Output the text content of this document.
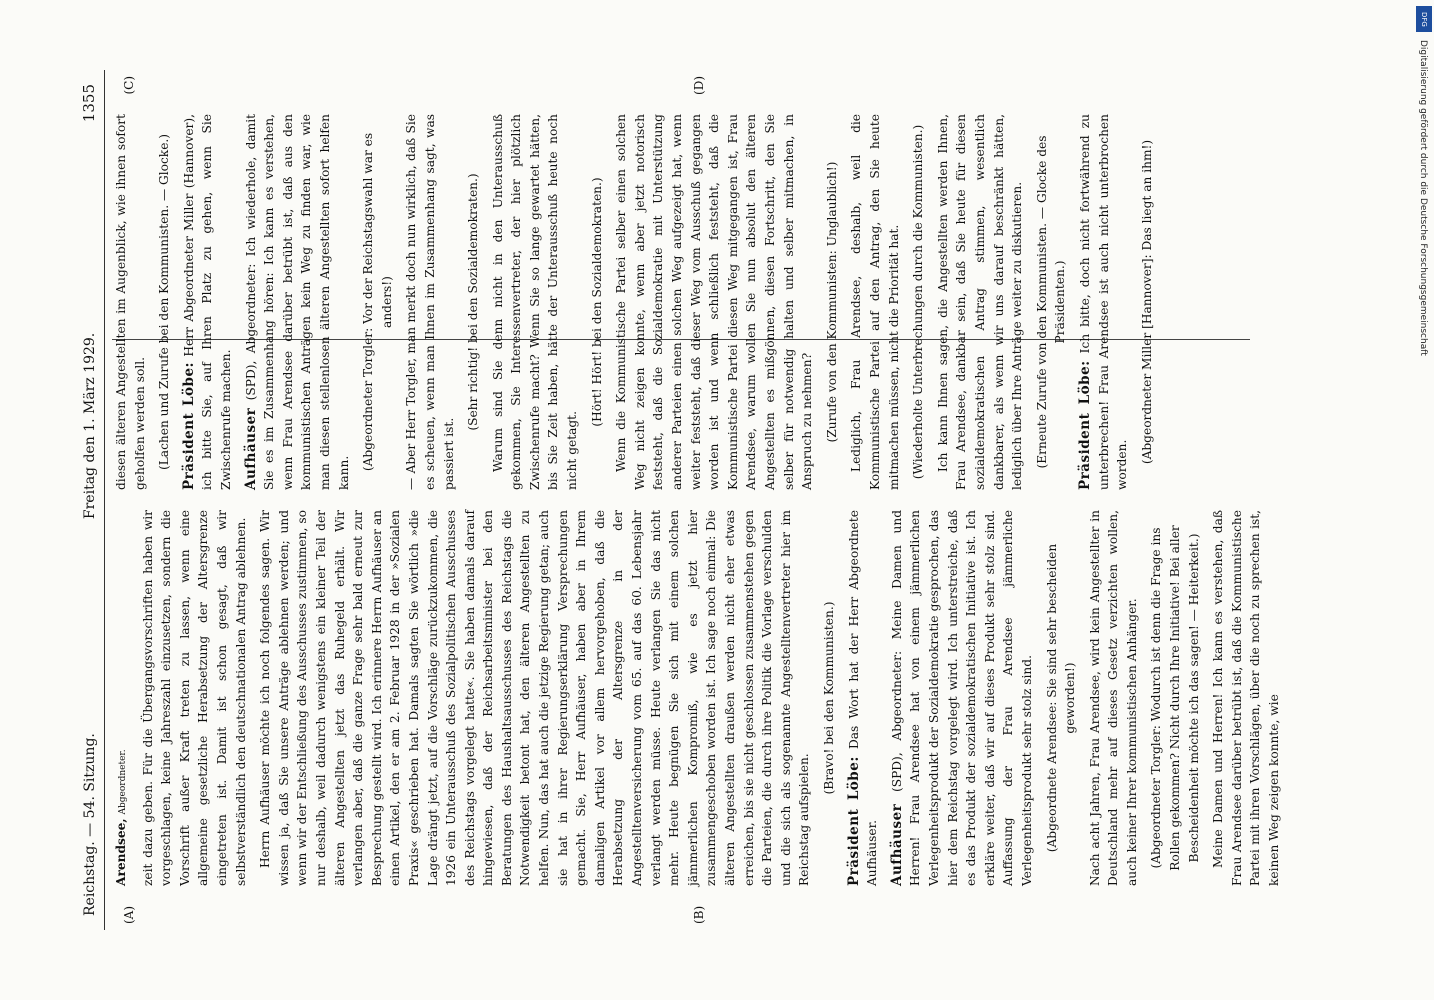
Reichstag. — 54. Sitzung.
Freitag den 1. März 1929.
1355
(A)	(B)
(C)	(D)

Arendsee, Abgeordneter.	zeit dazu geben. Für die Übergangsvorschriften haben wir vorgeschlagen, keine Jahreszahl einzusetzen, sondern die Vorschrift außer Kraft treten zu lassen, wenn eine allgemeine gesetzliche Herabsetzung der Altersgrenze eingetreten ist. Damit ist schon gesagt, daß wir selbstverständlich den deutschnationalen Antrag ablehnen. Herrn Aufhäuser möchte ich noch folgendes sagen. Wir wissen ja, daß Sie unsere Anträge ablehnen werden; und wenn wir der Entschließung des Ausschusses zustimmen, so nur deshalb, weil dadurch wenigstens ein kleiner Teil der älteren Angestellten jetzt das Ruhegeld erhält. Wir verlangen aber, daß die ganze Frage sehr bald erneut zur Besprechung gestellt wird. Ich erinnere Herrn Aufhäuser an einen Artikel, den er am 2. Februar 1928 in der »Sozialen Praxis« geschrieben hat. Damals sagten Sie wörtlich »die Lage drängt jetzt, auf die Vorschläge zurückzukommen, die 1926 ein Unterausschuß des Sozialpolitischen Ausschusses des Reichstags vorgelegt hatte«. Sie haben damals darauf hingewiesen, daß der Reichsarbeitsminister bei den Beratungen des Haushaltsausschusses des Reichstags die Notwendigkeit betont hat, den älteren Angestellten zu helfen. Nun, das hat auch die jetzige Regierung getan; auch sie hat in ihrer Regierungserklärung Versprechungen gemacht. Sie, Herr Aufhäuser, haben aber in Ihrem damaligen Artikel vor allem hervorgehoben, daß die Herabsetzung der Altersgrenze in der Angestelltenversicherung vom 65. auf das 60. Lebensjahr verlangt werden müsse. Heute verlangen Sie das nicht mehr. Heute begnügen Sie sich mit einem solchen jämmerlichen Kompromiß, wie es jetzt hier zusammengeschoben worden ist. Ich sage noch einmal: Die älteren Angestellten draußen werden nicht eher etwas erreichen, bis sie nicht geschlossen zusammenstehen gegen die Parteien, die durch ihre Politik die Vorlage verschulden und die sich als sogenannte Angestelltenvertreter hier im Reichstag aufspielen.

(Bravo! bei den Kommunisten.)

Präsident Löbe: Das Wort hat der Herr Abgeordnete Aufhäuser. Aufhäuser (SPD), Abgeordneter: Meine Damen und Herren! Frau Arendsee hat von einem jämmerlichen Verlegenheitsprodukt der Sozialdemokratie gesprochen, das hier dem Reichstag vorgelegt wird. Ich unterstreiche, daß es das Produkt der sozialdemokratischen Initiative ist. Ich erkläre weiter, daß wir auf dieses Produkt sehr stolz sind. Auffassung der Frau Arendsee jämmerliche Verlegenheitsprodukt sehr stolz sind. (Abgeordnete Arendsee: Sie sind sehr bescheiden geworden!) Nach acht Jahren, Frau Arendsee, wird kein Angestellter in Deutschland mehr auf dieses Gesetz verzichten wollen, auch keiner Ihrer kommunistischen Anhänger. (Abgeordneter Torgler: Wodurch ist denn die Frage ins Rollen gekommen? Nicht durch Ihre Initiative! Bei aller Bescheidenheit möchte ich das sagen! — Heiterkeit.) Meine Damen und Herren! Ich kann es verstehen, daß Frau Arendsee darüber betrübt ist, daß die Kommunistische Partei mit ihren Vorschlägen, über die noch zu sprechen ist, keinen Weg zeigen konnte, wie

diesen älteren Angestellten im Augenblick, wie ihnen sofort geholfen werden soll. (Lachen und Zurufe bei den Kommunisten. — Glocke.) Präsident Löbe: Herr Abgeordneter Miller (Hannover), ich bitte Sie, auf Ihren Platz zu gehen, wenn Sie Zwischenrufe machen. Aufhäuser (SPD), Abgeordneter: Ich wiederhole, damit Sie es im Zusammenhang hören: Ich kann es verstehen, wenn Frau Arendsee darüber betrübt ist, daß aus den kommunistischen Anträgen kein Weg zu finden war, wie man diesen stellenlosen älteren Angestellten sofort helfen kann.

(Abgeordneter Torgler: Vor der Reichstagswahl war es anders!) — Aber Herr Torgler, man merkt doch nun wirklich, daß Sie es scheuen, wenn man Ihnen im Zusammenhang sagt, was passiert ist.

(Sehr richtig! bei den Sozialdemokraten.) Warum sind Sie denn nicht in den Unterausschuß gekommen, Sie Interessenvertreter, der hier plötzlich Zwischenrufe macht? Wenn Sie so lange gewartet hätten, bis Sie Zeit haben, hätte der Unterausschuß heute noch nicht getagt.

(Hört! Hört! bei den Sozialdemokraten.) Wenn die Kommunistische Partei selber einen solchen Weg nicht zeigen konnte, wenn aber jetzt notorisch feststeht, daß die Sozialdemokratie mit Unterstützung anderer Parteien einen solchen Weg aufgezeigt hat, wenn weiter feststeht, daß dieser Weg vom Ausschuß gegangen worden ist und wenn schließlich feststeht, daß die Kommunistische Partei diesen Weg mitgegangen ist, Frau Arendsee, warum wollen Sie nun absolut den älteren Angestellten es mißgönnen, diesen Fortschritt, den Sie selber für notwendig halten und selber mitmachen, in Anspruch zu nehmen? (Zurufe von den Kommunisten: Unglaublich!) Lediglich, Frau Arendsee, deshalb, weil die Kommunistische Partei auf den Antrag, den Sie heute mitmachen müssen, nicht die Priorität hat. (Wiederholte Unterbrechungen durch die Kommunisten.) Ich kann Ihnen sagen, die Angestellten werden Ihnen, Frau Arendsee, dankbar sein, daß Sie heute für diesen sozialdemokratischen Antrag stimmen, wesentlich dankbarer, als wenn wir uns darauf beschränkt hätten, lediglich über Ihre Anträge weiter zu diskutieren. (Erneute Zurufe von den Kommunisten. — Glocke des Präsidenten.)

Präsident Löbe: Ich bitte, doch nicht fortwährend zu unterbrechen! Frau Arendsee ist auch nicht unterbrochen worden.

(Abgeordneter Miller [Hannover]: Das liegt an ihm!)

DFG
Digitalisierung gefördert durch die Deutsche Forschungsgemeinschaft
